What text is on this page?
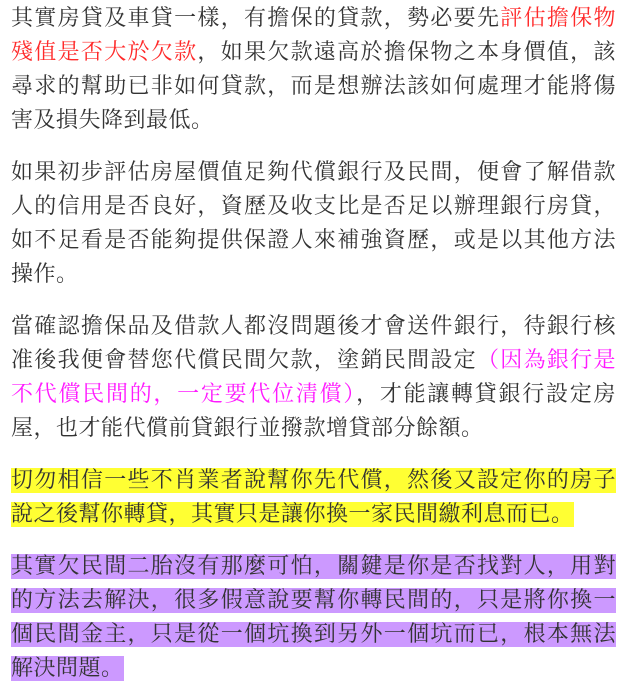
其實房貸及車貸一樣，有擔保的貸款，勢必要先評估擔保物殘值是否大於欠款，如果欠款遠高於擔保物之本身價值，該尋求的幫助已非如何貸款，而是想辦法該如何處理才能將傷害及損失降到最低。

如果初步評估房屋價值足夠代償銀行及民間，便會了解借款人的信用是否良好，資歷及收支比是否足以辦理銀行房貸，如不足看是否能夠提供保證人來補強資歷，或是以其他方法操作。

當確認擔保品及借款人都沒問題後才會送件銀行，待銀行核准後我便會替您代償民間欠款，塗銷民間設定（因為銀行是不代償民間的，一定要代位清償），才能讓轉貸銀行設定房屋，也才能代償前貸銀行並撥款增貸部分餘額。

切勿相信一些不肖業者說幫你先代償，然後又設定你的房子說之後幫你轉貸，其實只是讓你換一家民間繳利息而已。

其實欠民間二胎沒有那麼可怕，關鍵是你是否找對人，用對的方法去解決，很多假意說要幫你轉民間的，只是將你換一個民間金主，只是從一個坑換到另外一個坑而已，根本無法解決問題。
